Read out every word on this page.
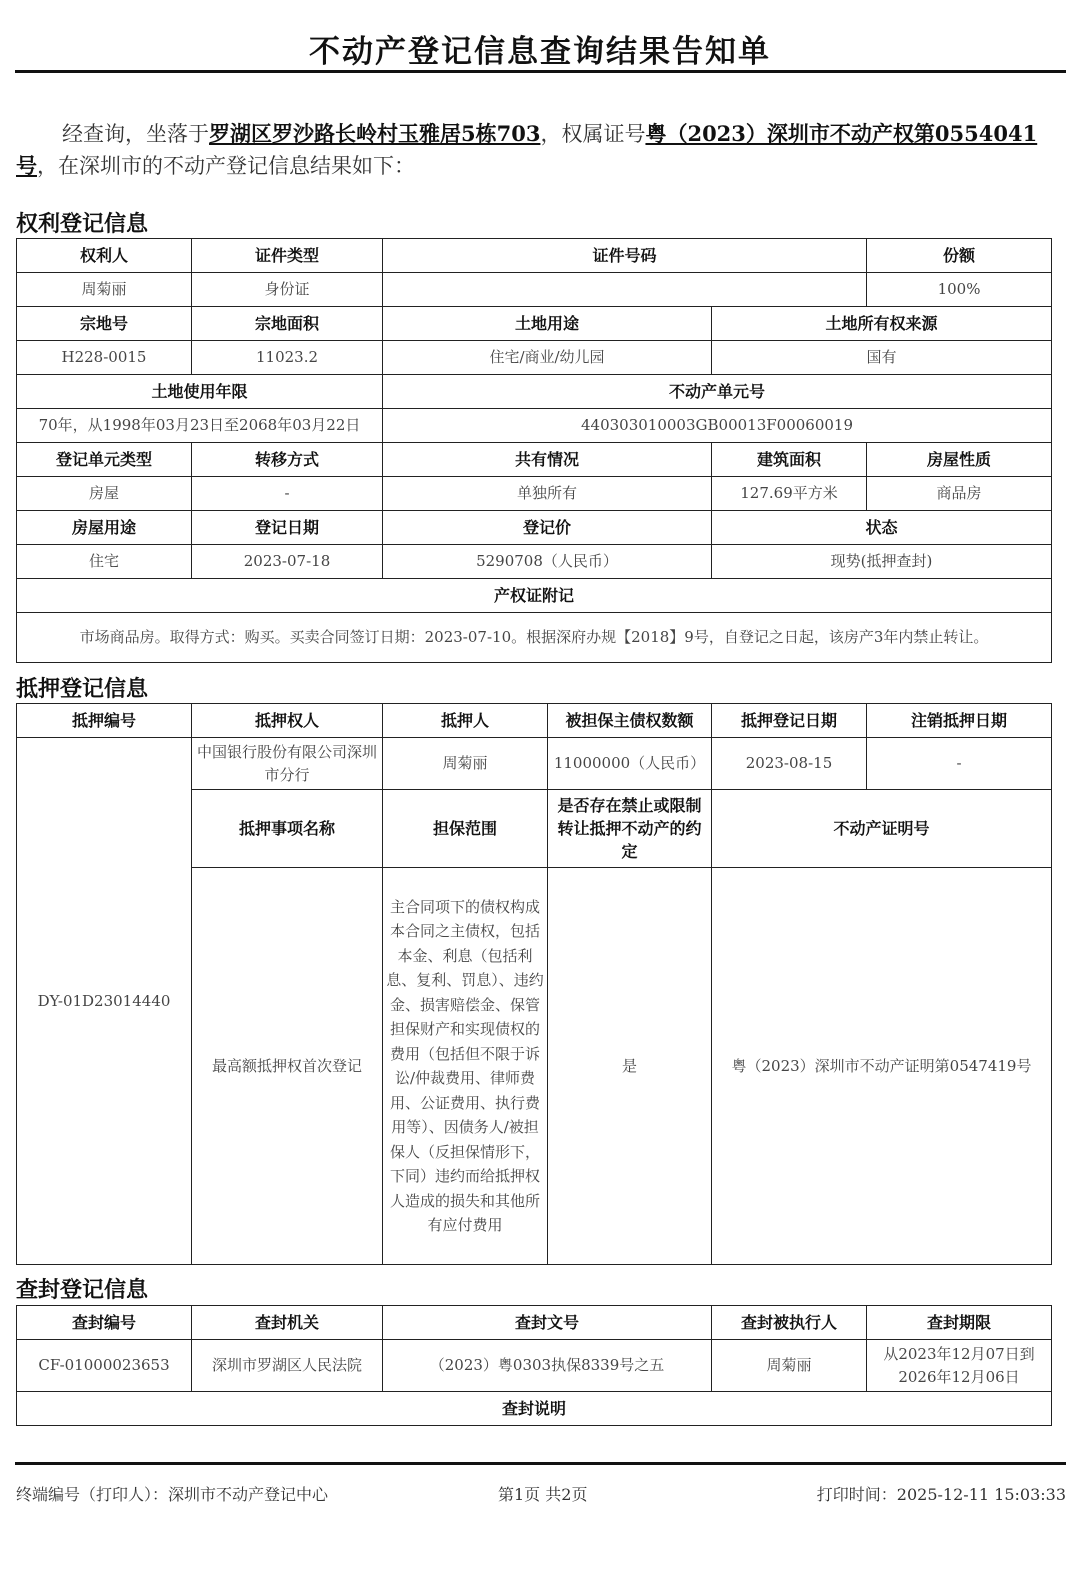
不动产登记信息查询结果告知单
经查询，坐落于罗湖区罗沙路长岭村玉雅居5栋703，权属证号粤（2023）深圳市不动产权第0554041号，在深圳市的不动产登记信息结果如下：
权利登记信息
权利人	证件类型	证件号码		份额
周菊丽	身份证			100%
宗地号	宗地面积	土地用途	土地所有权来源	
H228-0015	11023.2	住宅/商业/幼儿园	国有	
土地使用年限		不动产单元号		
70年，从1998年03月23日至2068年03月22日		440303010003GB00013F00060019		
登记单元类型	转移方式	共有情况	建筑面积	房屋性质
房屋	-	单独所有	127.69平方米	商品房
房屋用途	登记日期	登记价	状态	
住宅	2023-07-18	5290708（人民币）	现势(抵押查封)	
产权证附记				
市场商品房。取得方式：购买。买卖合同签订日期：2023-07-10。根据深府办规【2018】9号，自登记之日起，该房产3年内禁止转让。				
抵押登记信息
抵押编号	抵押权人	抵押人	被担保主债权数额	抵押登记日期	注销抵押日期
DY-01D23014440	中国银行股份有限公司深圳市分行	周菊丽	11000000（人民币）	2023-08-15	-
	抵押事项名称	担保范围	是否存在禁止或限制转让抵押不动产的约定	不动产证明号	
	最高额抵押权首次登记	主合同项下的债权构成本合同之主债权，包括本金、利息（包括利息、复利、罚息）、违约金、损害赔偿金、保管担保财产和实现债权的费用（包括但不限于诉讼/仲裁费用、律师费用、公证费用、执行费用等）、因债务人/被担保人（反担保情形下，下同）违约而给抵押权人造成的损失和其他所有应付费用	是	粤（2023）深圳市不动产证明第0547419号	
查封登记信息
查封编号	查封机关	查封文号	查封被执行人	查封期限
CF-01000023653	深圳市罗湖区人民法院	（2023）粤0303执保8339号之五	周菊丽	从2023年12月07日到2026年12月06日
查封说明				
终端编号（打印人）：深圳市不动产登记中心	第1页 共2页	打印时间：2025-12-11 15:03:33
